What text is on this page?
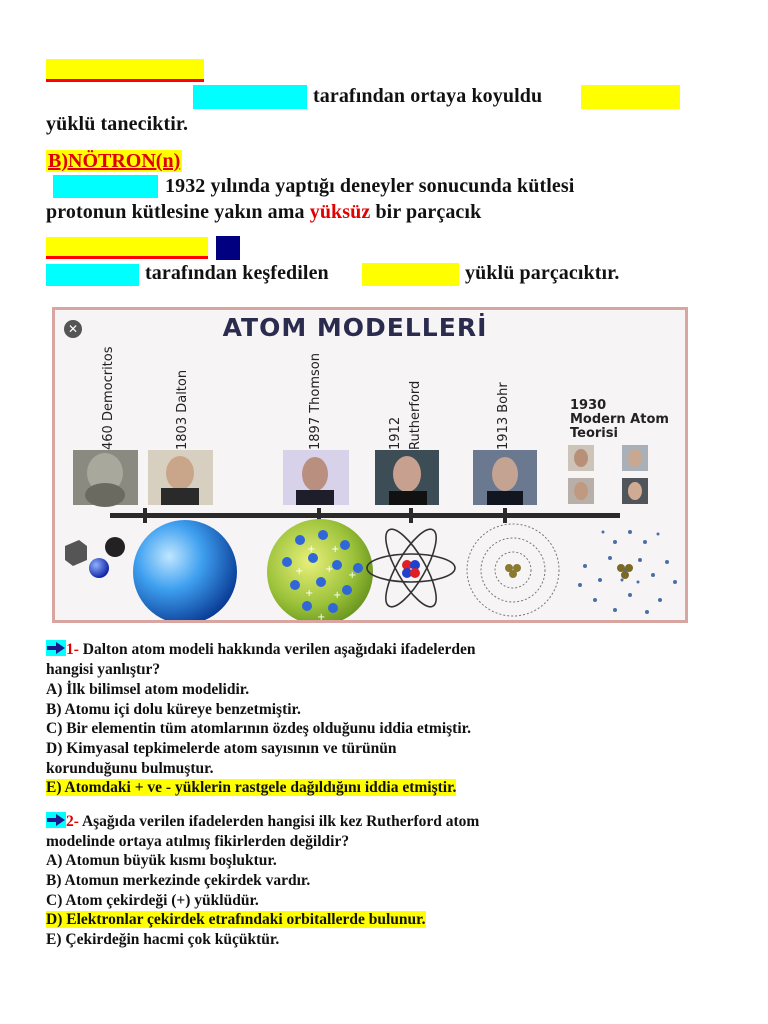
tarafından ortaya koyuldu
yüklü taneciktir.
B)NÖTRON(n)
1932 yılında yaptığı deneyler sonucunda kütlesi
protonun kütlesine yakın ama yüksüz bir parçacık
tarafından keşfedilen	yüklü parçacıktır.
✕	ATOM MODELLERİ
460 Democritos	1803 Dalton	1897 Thomson	1912 Rutherford	1913 Bohr	1930
Modern Atom
Teorisi
+ +
+ +
+
+ +
+
1- Dalton atom modeli hakkında verilen aşağıdaki ifadelerden
hangisi yanlıştır?
A) İlk bilimsel atom modelidir.
B) Atomu içi dolu küreye benzetmiştir.
C) Bir elementin tüm atomlarının özdeş olduğunu iddia etmiştir.
D) Kimyasal tepkimelerde atom sayısının ve türünün
korunduğunu bulmuştur.
E) Atomdaki + ve - yüklerin rastgele dağıldığını iddia etmiştir.
2- Aşağıda verilen ifadelerden hangisi ilk kez Rutherford atom
modelinde ortaya atılmış fikirlerden değildir?
A) Atomun büyük kısmı boşluktur.
B) Atomun merkezinde çekirdek vardır.
C) Atom çekirdeği (+) yüklüdür.
D) Elektronlar çekirdek etrafındaki orbitallerde bulunur.
E) Çekirdeğin hacmi çok küçüktür.
